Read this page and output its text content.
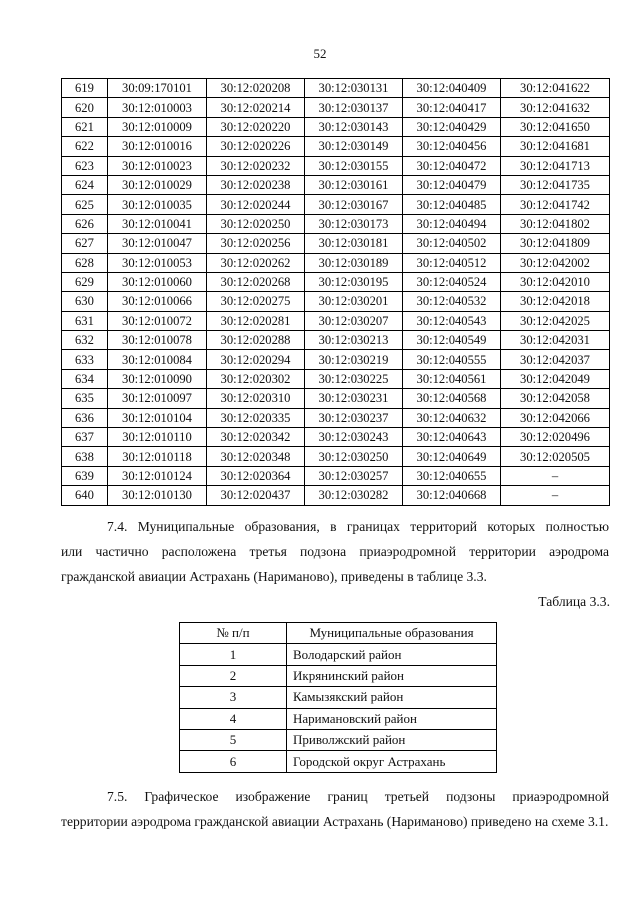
52
619	30:09:170101	30:12:020208	30:12:030131	30:12:040409	30:12:041622
620	30:12:010003	30:12:020214	30:12:030137	30:12:040417	30:12:041632
621	30:12:010009	30:12:020220	30:12:030143	30:12:040429	30:12:041650
622	30:12:010016	30:12:020226	30:12:030149	30:12:040456	30:12:041681
623	30:12:010023	30:12:020232	30:12:030155	30:12:040472	30:12:041713
624	30:12:010029	30:12:020238	30:12:030161	30:12:040479	30:12:041735
625	30:12:010035	30:12:020244	30:12:030167	30:12:040485	30:12:041742
626	30:12:010041	30:12:020250	30:12:030173	30:12:040494	30:12:041802
627	30:12:010047	30:12:020256	30:12:030181	30:12:040502	30:12:041809
628	30:12:010053	30:12:020262	30:12:030189	30:12:040512	30:12:042002
629	30:12:010060	30:12:020268	30:12:030195	30:12:040524	30:12:042010
630	30:12:010066	30:12:020275	30:12:030201	30:12:040532	30:12:042018
631	30:12:010072	30:12:020281	30:12:030207	30:12:040543	30:12:042025
632	30:12:010078	30:12:020288	30:12:030213	30:12:040549	30:12:042031
633	30:12:010084	30:12:020294	30:12:030219	30:12:040555	30:12:042037
634	30:12:010090	30:12:020302	30:12:030225	30:12:040561	30:12:042049
635	30:12:010097	30:12:020310	30:12:030231	30:12:040568	30:12:042058
636	30:12:010104	30:12:020335	30:12:030237	30:12:040632	30:12:042066
637	30:12:010110	30:12:020342	30:12:030243	30:12:040643	30:12:020496
638	30:12:010118	30:12:020348	30:12:030250	30:12:040649	30:12:020505
639	30:12:010124	30:12:020364	30:12:030257	30:12:040655	–
640	30:12:010130	30:12:020437	30:12:030282	30:12:040668	–

7.4. Муниципальные образования, в границах территорий которых полностью
или частично расположена третья подзона приаэродромной территории аэродрома гражданской авиации Астрахань (Нариманово), приведены в таблице 3.3.

Таблица 3.3.
№ п/п	Муниципальные образования
1	Володарский район
2	Икрянинский район
3	Камызякский район
4	Наримановский район
5	Приволжский район
6	Городской округ Астрахань

7.5. Графическое изображение границ третьей подзоны приаэродромной
территории аэродрома гражданской авиации Астрахань (Нариманово) приведено на схеме 3.1.
